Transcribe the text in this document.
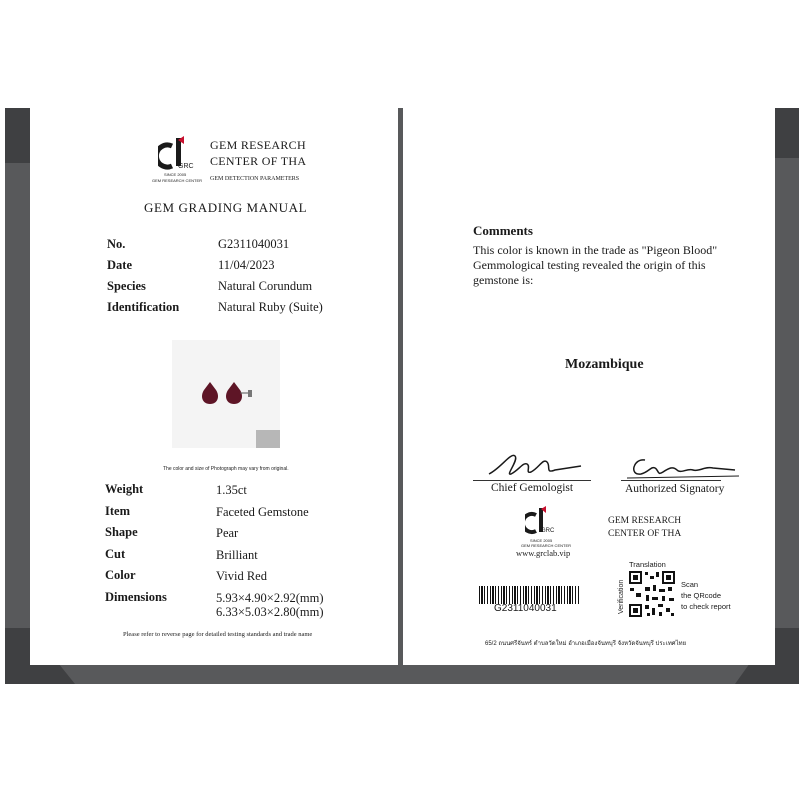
GRC
SINCE 2005
GEM RESEARCH CENTER
GEM RESEARCH
CENTER OF THA
GEM DETECTION PARAMETERS
GEM GRADING MANUAL
No.	G2311040031
Date	11/04/2023
Species	Natural Corundum
Identification	Natural Ruby (Suite)
The color and size of Photograph may vary from original.
Weight	1.35ct
Item	Faceted Gemstone
Shape	Pear
Cut	Brilliant
Color	Vivid Red
Dimensions	5.93×4.90×2.92(mm)
6.33×5.03×2.80(mm)
Please refer to reverse page for detailed testing standards and trade name
Comments
This color is known in the trade as "Pigeon Blood"
Gemmological testing revealed the origin of this
gemstone is:
Mozambique
Chief Gemologist	Authorized Signatory
GRC
SINCE 2005
GEM RESEARCH CENTER
www.grclab.vip
GEM RESEARCH
CENTER OF THA
G2311040031
Translation
Verification	Scan
the QRcode
to check report
65/2 ถนนศรีจันทร์ ตำบลวัดใหม่ อำเภอเมืองจันทบุรี จังหวัดจันทบุรี ประเทศไทย
